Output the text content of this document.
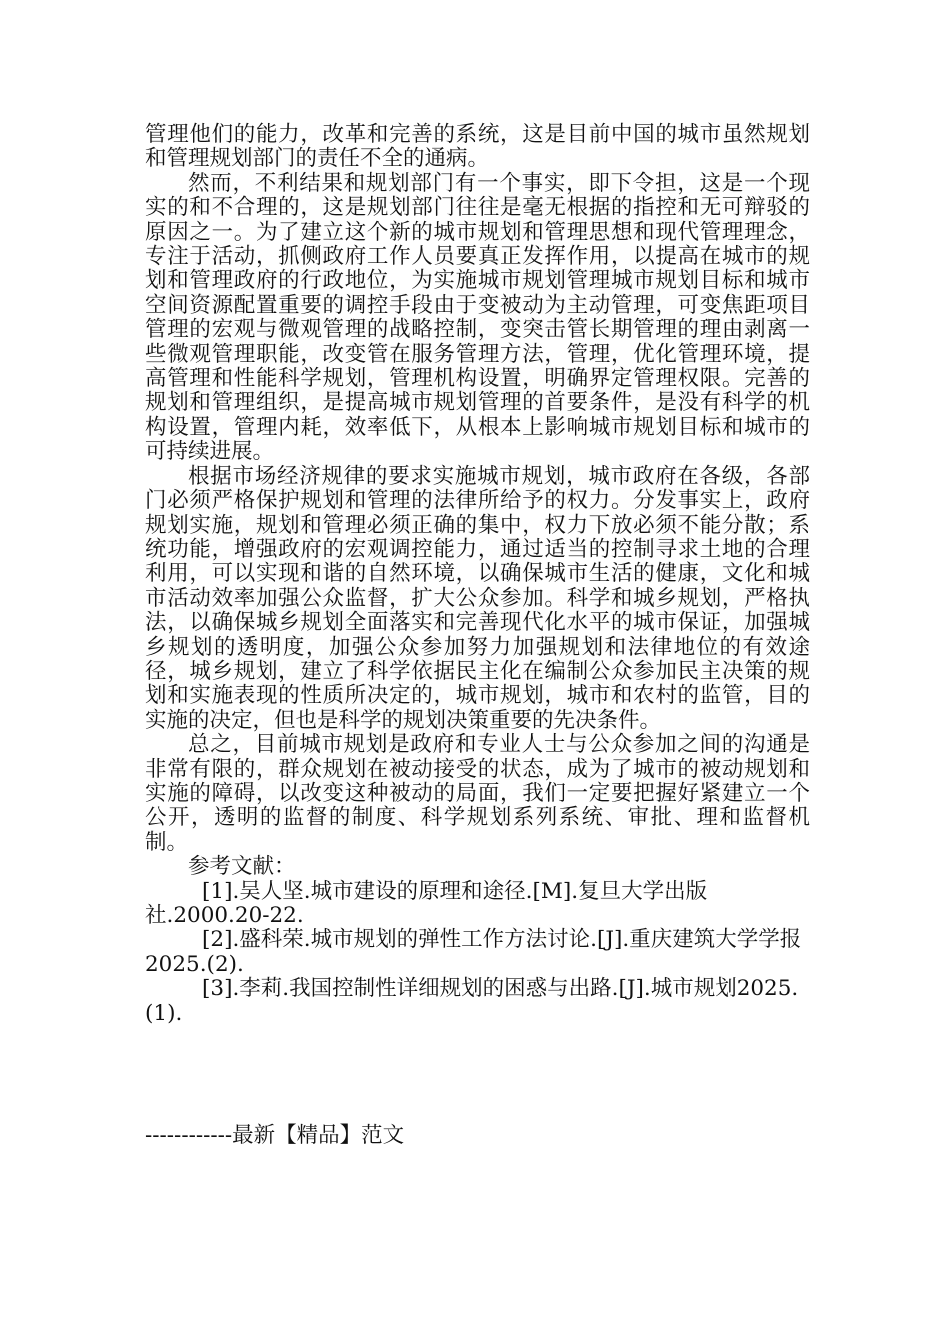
管理他们的能力，改革和完善的系统，这是目前中国的城市虽然规划和管理规划部门的责任不全的通病。

然而，不利结果和规划部门有一个事实，即下令担，这是一个现实的和不合理的，这是规划部门往往是毫无根据的指控和无可辩驳的原因之一。为了建立这个新的城市规划和管理思想和现代管理理念，专注于活动，抓侧政府工作人员要真正发挥作用，以提高在城市的规划和管理政府的行政地位，为实施城市规划管理城市规划目标和城市空间资源配置重要的调控手段由于变被动为主动管理，可变焦距项目管理的宏观与微观管理的战略控制，变突击管长期管理的理由剥离一些微观管理职能，改变管在服务管理方法，管理，优化管理环境，提高管理和性能科学规划，管理机构设置，明确界定管理权限。完善的规划和管理组织，是提高城市规划管理的首要条件，是没有科学的机构设置，管理内耗，效率低下，从根本上影响城市规划目标和城市的可持续进展。

根据市场经济规律的要求实施城市规划，城市政府在各级，各部门必须严格保护规划和管理的法律所给予的权力。分发事实上，政府规划实施，规划和管理必须正确的集中，权力下放必须不能分散；系统功能，增强政府的宏观调控能力，通过适当的控制寻求土地的合理利用，可以实现和谐的自然环境，以确保城市生活的健康，文化和城市活动效率加强公众监督，扩大公众参加。科学和城乡规划，严格执法，以确保城乡规划全面落实和完善现代化水平的城市保证，加强城乡规划的透明度，加强公众参加努力加强规划和法律地位的有效途径，城乡规划，建立了科学依据民主化在编制公众参加民主决策的规划和实施表现的性质所决定的，城市规划，城市和农村的监管，目的实施的决定，但也是科学的规划决策重要的先决条件。

总之，目前城市规划是政府和专业人士与公众参加之间的沟通是非常有限的，群众规划在被动接受的状态，成为了城市的被动规划和实施的障碍，以改变这种被动的局面，我们一定要把握好紧建立一个公开，透明的监督的制度、科学规划系列系统、审批、理和监督机制。

参考文献：

[1].吴人坚.城市建设的原理和途径.[M].复旦大学出版社.2000.20-22.

[2].盛科荣.城市规划的弹性工作方法讨论.[J].重庆建筑大学学报2025.(2).

[3].李莉.我国控制性详细规划的困惑与出路.[J].城市规划2025.(1).

------------最新【精品】范文
